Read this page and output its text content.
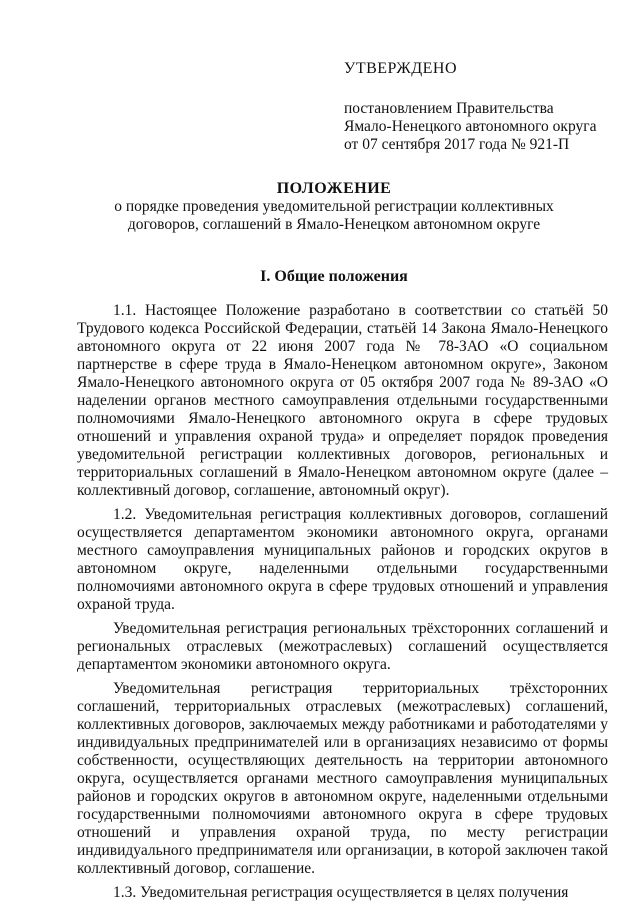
УТВЕРЖДЕНО
постановлением Правительства
Ямало-Ненецкого автономного округа
от 07 сентября 2017 года № 921-П
ПОЛОЖЕНИЕ
о порядке проведения уведомительной регистрации коллективных
договоров, соглашений в Ямало-Ненецком автономном округе
I. Общие положения

1.1. Настоящее Положение разработано в соответствии со статьёй 50 Трудового кодекса Российской Федерации, статьёй 14 Закона Ямало-Ненецкого автономного округа от 22 июня 2007 года № 78-ЗАО «О социальном партнерстве в сфере труда в Ямало-Ненецком автономном округе», Законом Ямало-Ненецкого автономного округа от 05 октября 2007 года № 89-ЗАО «О наделении органов местного самоуправления отдельными государственными полномочиями Ямало-Ненецкого автономного округа в сфере трудовых отношений и управления охраной труда» и определяет порядок проведения уведомительной регистрации коллективных договоров, региональных и территориальных соглашений в Ямало-Ненецком автономном округе (далее – коллективный договор, соглашение, автономный округ).

1.2. Уведомительная регистрация коллективных договоров, соглашений осуществляется департаментом экономики автономного округа, органами местного самоуправления муниципальных районов и городских округов в автономном округе, наделенными отдельными государственными полномочиями автономного округа в сфере трудовых отношений и управления охраной труда.

Уведомительная регистрация региональных трёхсторонних соглашений и региональных отраслевых (межотраслевых) соглашений осуществляется департаментом экономики автономного округа.

Уведомительная регистрация территориальных трёхсторонних соглашений, территориальных отраслевых (межотраслевых) соглашений, коллективных договоров, заключаемых между работниками и работодателями у индивидуальных предпринимателей или в организациях независимо от формы собственности, осуществляющих деятельность на территории автономного округа, осуществляется органами местного самоуправления муниципальных районов и городских округов в автономном округе, наделенными отдельными государственными полномочиями автономного округа в сфере трудовых отношений и управления охраной труда, по месту регистрации индивидуального предпринимателя или организации, в которой заключен такой коллективный договор, соглашение.

1.3. Уведомительная регистрация осуществляется в целях получения
